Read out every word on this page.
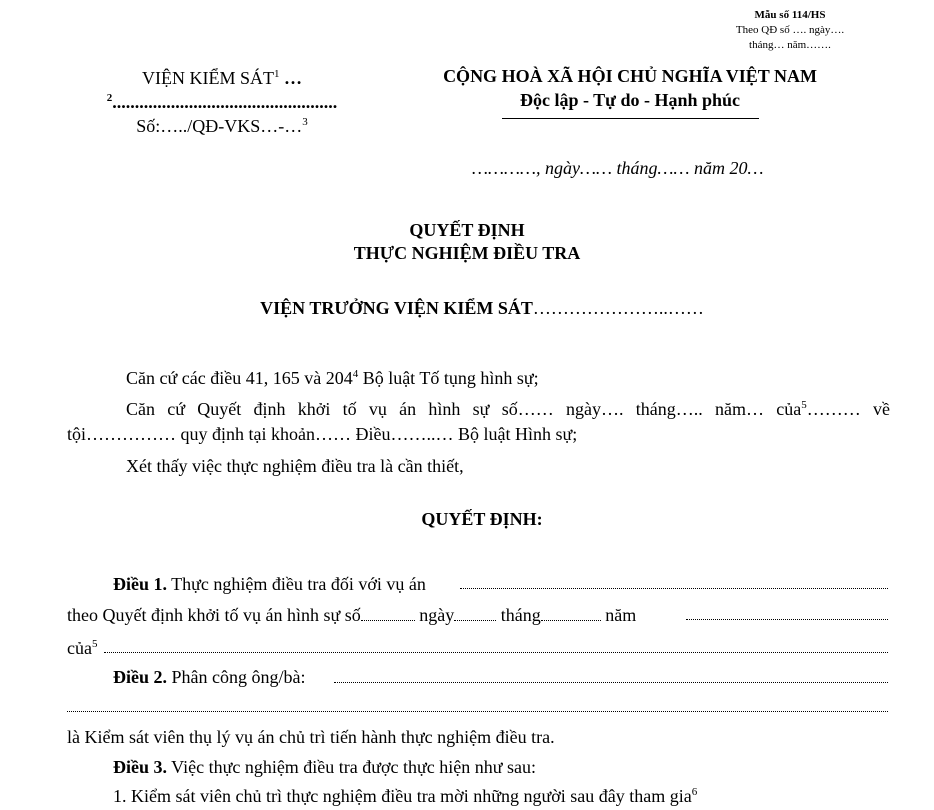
Mẫu số 114/HS
Theo QĐ số …. ngày….
tháng… năm…….
VIỆN KIỂM SÁT$^1$ …
$^2$..................................................
Số:…../QĐ-VKS…-…$^3$
CỘNG HOÀ XÃ HỘI CHỦ NGHĨA VIỆT NAM
Độc lập - Tự do - Hạnh phúc
…………, ngày…… tháng…… năm 20…
QUYẾT ĐỊNH
THỰC NGHIỆM ĐIỀU TRA
VIỆN TRƯỞNG VIỆN KIỂM SÁT…………………..……
Căn cứ các điều 41, 165 và $204^4$ Bộ luật Tố tụng hình sự;
Căn cứ Quyết định khởi tố vụ án hình sự số…… ngày…. tháng….. năm… của$^5$……… về
tội…………… quy định tại khoản…… Điều……..… Bộ luật Hình sự;
Xét thấy việc thực nghiệm điều tra là cần thiết,
QUYẾT ĐỊNH:
Điều 1. Thực nghiệm điều tra đối với vụ án
theo Quyết định khởi tố vụ án hình sự số	ngày tháng	năm
của$^5$
Điều 2. Phân công ông/bà:
là Kiểm sát viên thụ lý vụ án chủ trì tiến hành thực nghiệm điều tra.
Điều 3. Việc thực nghiệm điều tra được thực hiện như sau:
1. Kiểm sát viên chủ trì thực nghiệm điều tra mời những người sau đây tham gia$^6$
